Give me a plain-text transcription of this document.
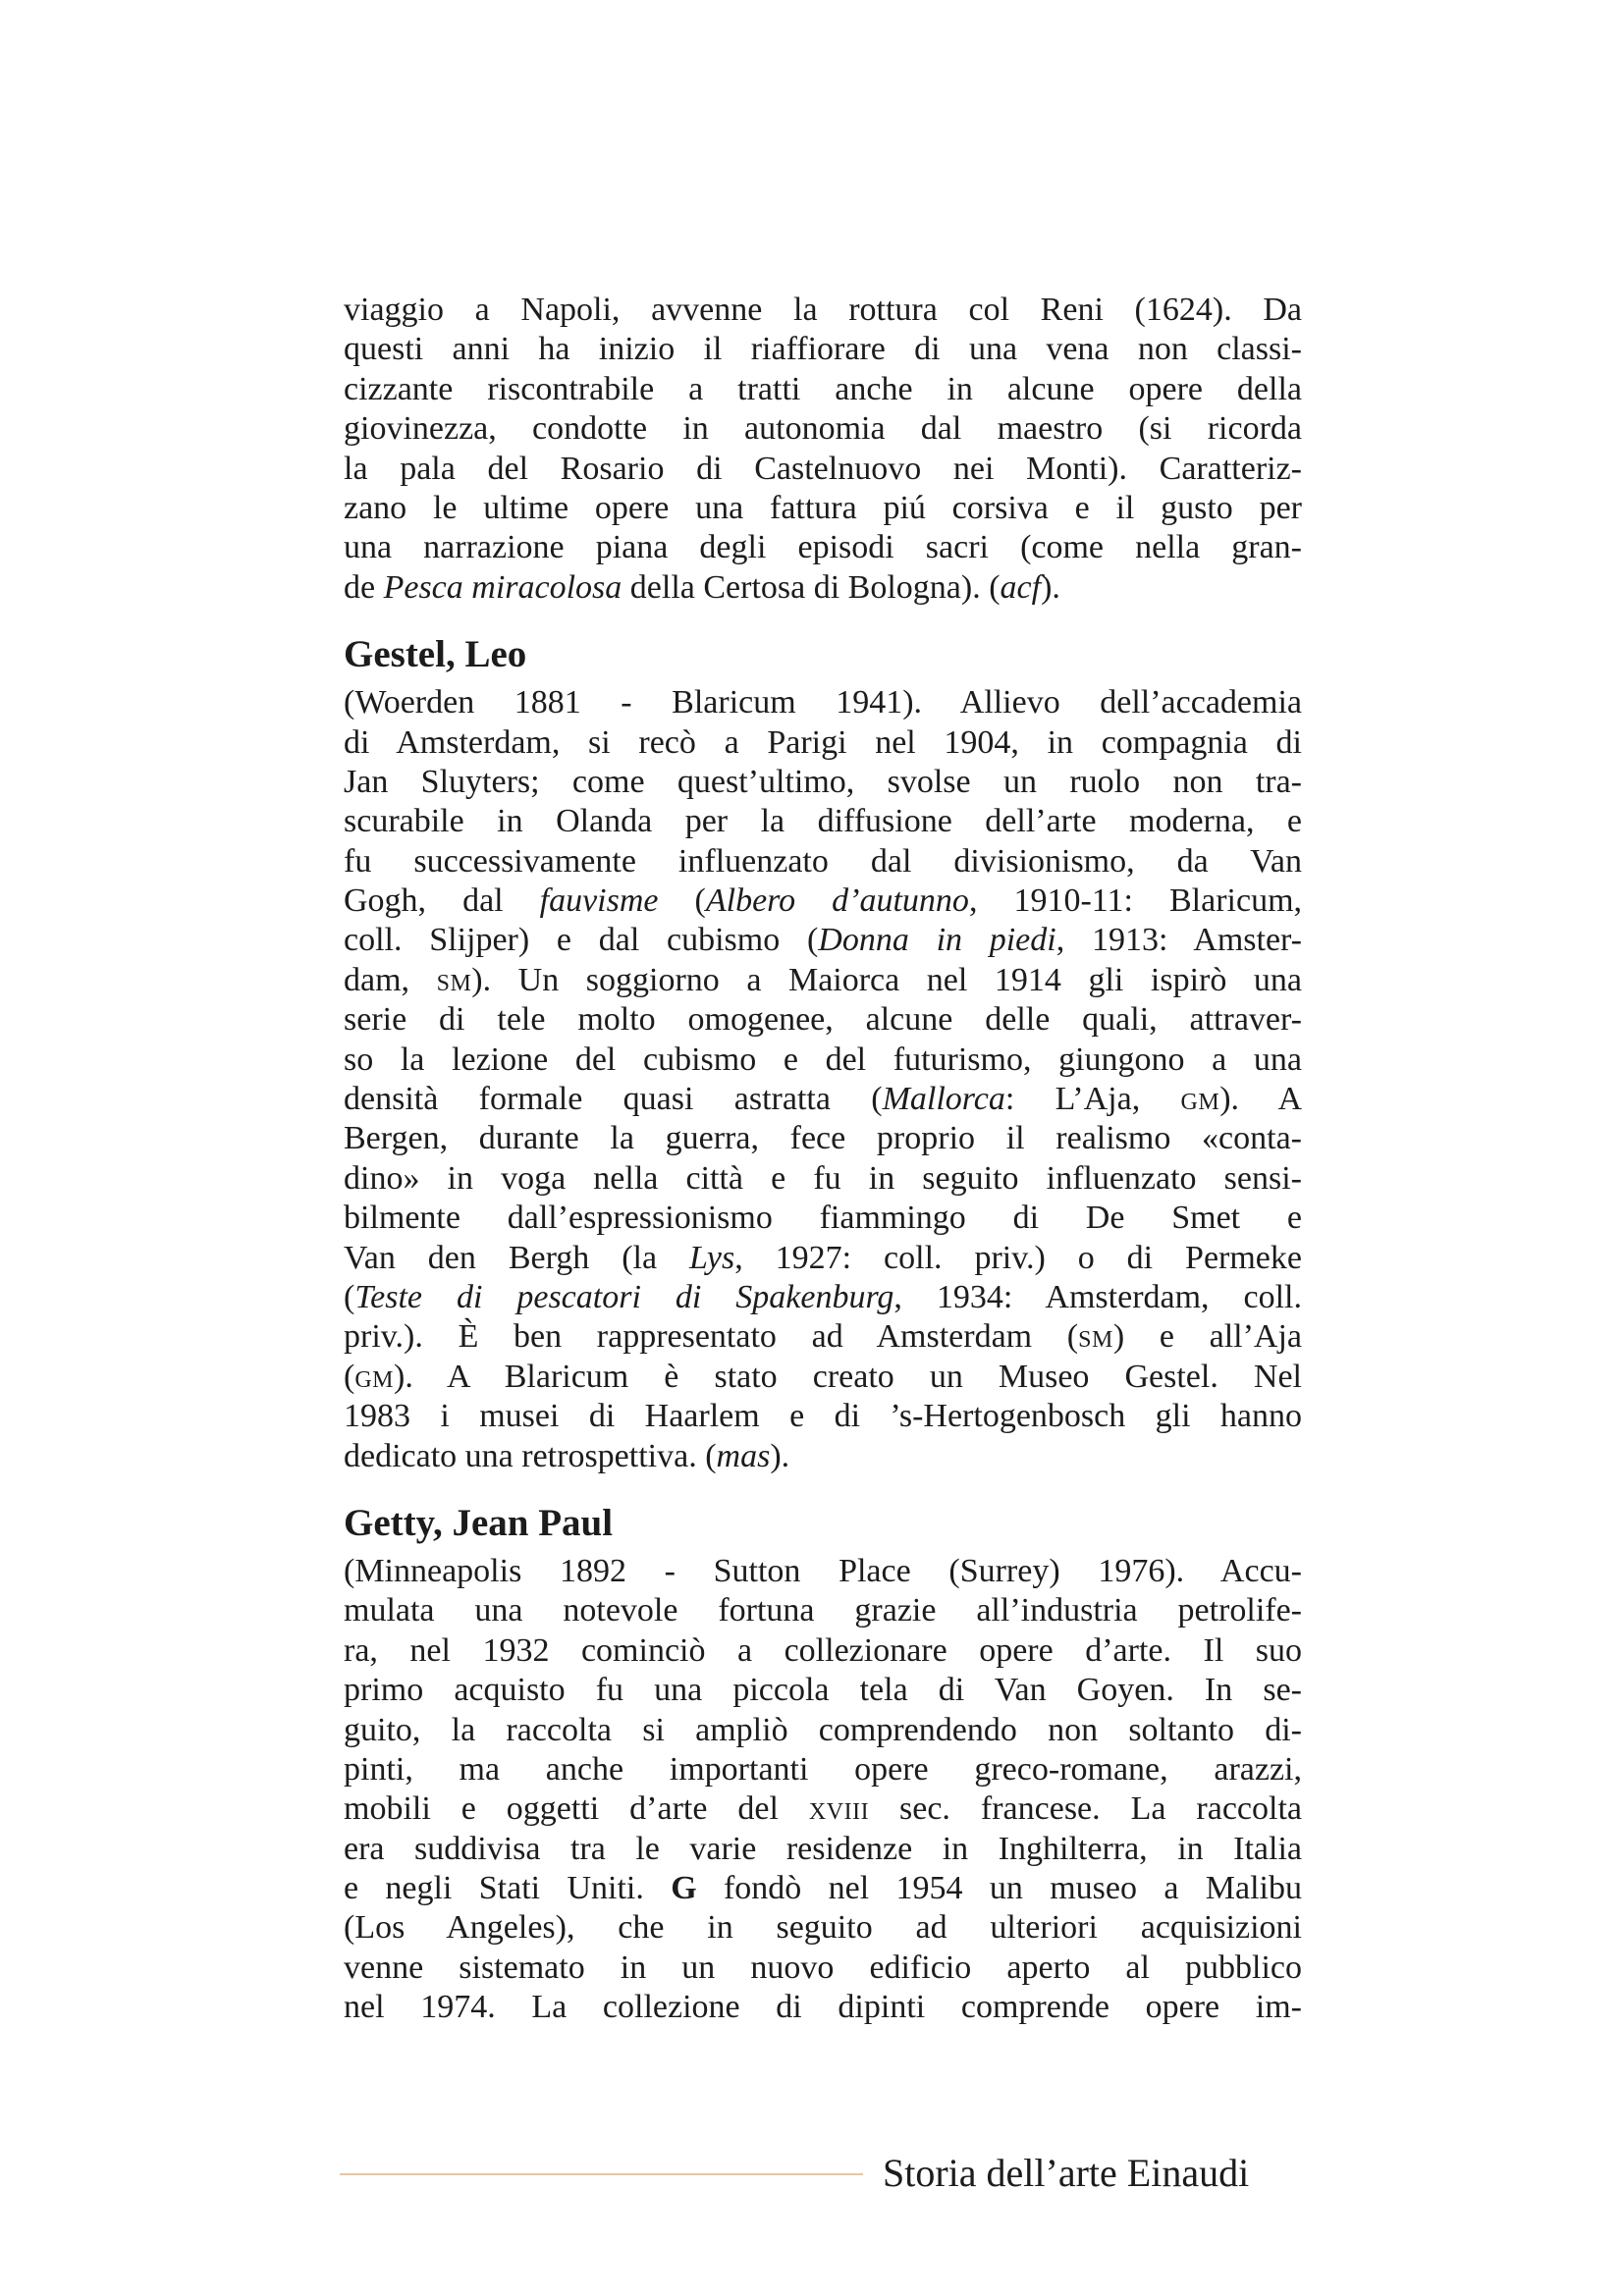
viaggio a Napoli, avvenne la rottura col Reni (1624). Da
questi anni ha inizio il riaffiorare di una vena non classi-
cizzante riscontrabile a tratti anche in alcune opere della
giovinezza, condotte in autonomia dal maestro (si ricorda
la pala del Rosario di Castelnuovo nei Monti). Caratteriz-
zano le ultime opere una fattura piú corsiva e il gusto per
una narrazione piana degli episodi sacri (come nella gran-
de Pesca miracolosa della Certosa di Bologna). (acf).
Gestel, Leo
(Woerden 1881 - Blaricum 1941). Allievo dell’accademia
di Amsterdam, si recò a Parigi nel 1904, in compagnia di
Jan Sluyters; come quest’ultimo, svolse un ruolo non tra-
scurabile in Olanda per la diffusione dell’arte moderna, e
fu successivamente influenzato dal divisionismo, da Van
Gogh, dal fauvisme (Albero d’autunno, 1910-11: Blaricum,
coll. Slijper) e dal cubismo (Donna in piedi, 1913: Amster-
dam, sm). Un soggiorno a Maiorca nel 1914 gli ispirò una
serie di tele molto omogenee, alcune delle quali, attraver-
so la lezione del cubismo e del futurismo, giungono a una
densità formale quasi astratta (Mallorca: L’Aja, gm). A
Bergen, durante la guerra, fece proprio il realismo «conta-
dino» in voga nella città e fu in seguito influenzato sensi-
bilmente dall’espressionismo fiammingo di De Smet e
Van den Bergh (la Lys, 1927: coll. priv.) o di Permeke
(Teste di pescatori di Spakenburg, 1934: Amsterdam, coll.
priv.). È ben rappresentato ad Amsterdam (sm) e all’Aja
(gm). A Blaricum è stato creato un Museo Gestel. Nel
1983 i musei di Haarlem e di ’s-Hertogenbosch gli hanno
dedicato una retrospettiva. (mas).
Getty, Jean Paul
(Minneapolis 1892 - Sutton Place (Surrey) 1976). Accu-
mulata una notevole fortuna grazie all’industria petrolife-
ra, nel 1932 cominciò a collezionare opere d’arte. Il suo
primo acquisto fu una piccola tela di Van Goyen. In se-
guito, la raccolta si ampliò comprendendo non soltanto di-
pinti, ma anche importanti opere greco-romane, arazzi,
mobili e oggetti d’arte del xviii sec. francese. La raccolta
era suddivisa tra le varie residenze in Inghilterra, in Italia
e negli Stati Uniti. G fondò nel 1954 un museo a Malibu
(Los Angeles), che in seguito ad ulteriori acquisizioni
venne sistemato in un nuovo edificio aperto al pubblico
nel 1974. La collezione di dipinti comprende opere im-
Storia dell’arte Einaudi
